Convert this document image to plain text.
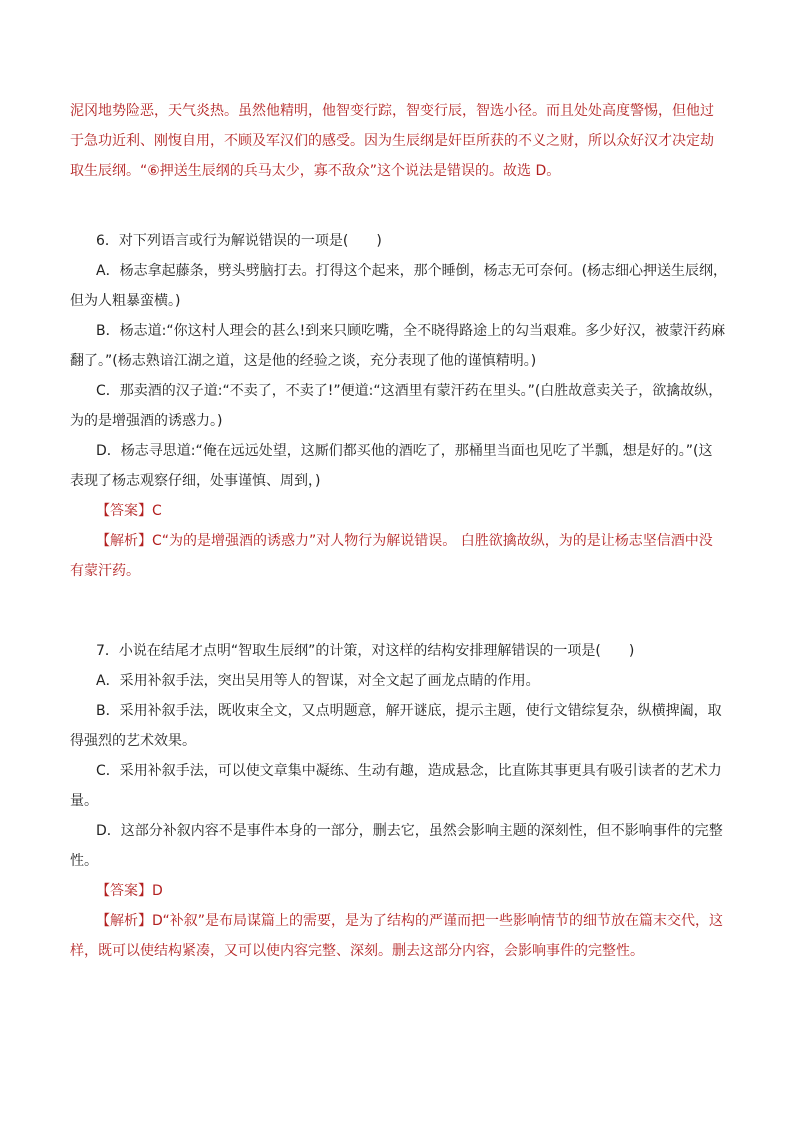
泥冈地势险恶，天气炎热。虽然他精明，他智变行踪，智变行辰，智选小径。而且处处高度警惕，但他过

于急功近利、刚愎自用，不顾及军汉们的感受。因为生辰纲是奸臣所获的不义之财，所以众好汉才决定劫

取生辰纲。“⑥押送生辰纲的兵马太少，寡不敌众”这个说法是错误的。故选 D。

6．对下列语言或行为解说错误的一项是(　　)

A．杨志拿起藤条，劈头劈脑打去。打得这个起来，那个睡倒，杨志无可奈何。(杨志细心押送生辰纲，

但为人粗暴蛮横。)

B．杨志道:“你这村人理会的甚么!到来只顾吃嘴，全不晓得路途上的勾当艰难。多少好汉，被蒙汗药麻

翻了。”(杨志熟谙江湖之道，这是他的经验之谈，充分表现了他的谨慎精明。)

C．那卖酒的汉子道:“不卖了，不卖了!”便道:“这酒里有蒙汗药在里头。”(白胜故意卖关子，欲擒故纵，

为的是增强酒的诱惑力。)

D．杨志寻思道:“俺在远远处望，这厮们都买他的酒吃了，那桶里当面也见吃了半瓢，想是好的。”(这

表现了杨志观察仔细，处事谨慎、周到，)

【答案】C

【解析】C“为的是增强酒的诱惑力”对人物行为解说错误。 白胜欲擒故纵，为的是让杨志坚信酒中没

有蒙汗药。

7．小说在结尾才点明“智取生辰纲”的计策，对这样的结构安排理解错误的一项是(　　)

A．采用补叙手法，突出吴用等人的智谋，对全文起了画龙点睛的作用。

B．采用补叙手法，既收束全文，又点明题意，解开谜底，提示主题，使行文错综复杂，纵横捭阖，取

得强烈的艺术效果。

C．采用补叙手法，可以使文章集中凝练、生动有趣，造成悬念，比直陈其事更具有吸引读者的艺术力

量。

D．这部分补叙内容不是事件本身的一部分，删去它，虽然会影响主题的深刻性，但不影响事件的完整

性。

【答案】D

【解析】D“补叙”是布局谋篇上的需要，是为了结构的严谨而把一些影响情节的细节放在篇末交代，这

样，既可以使结构紧凑，又可以使内容完整、深刻。删去这部分内容，会影响事件的完整性。
